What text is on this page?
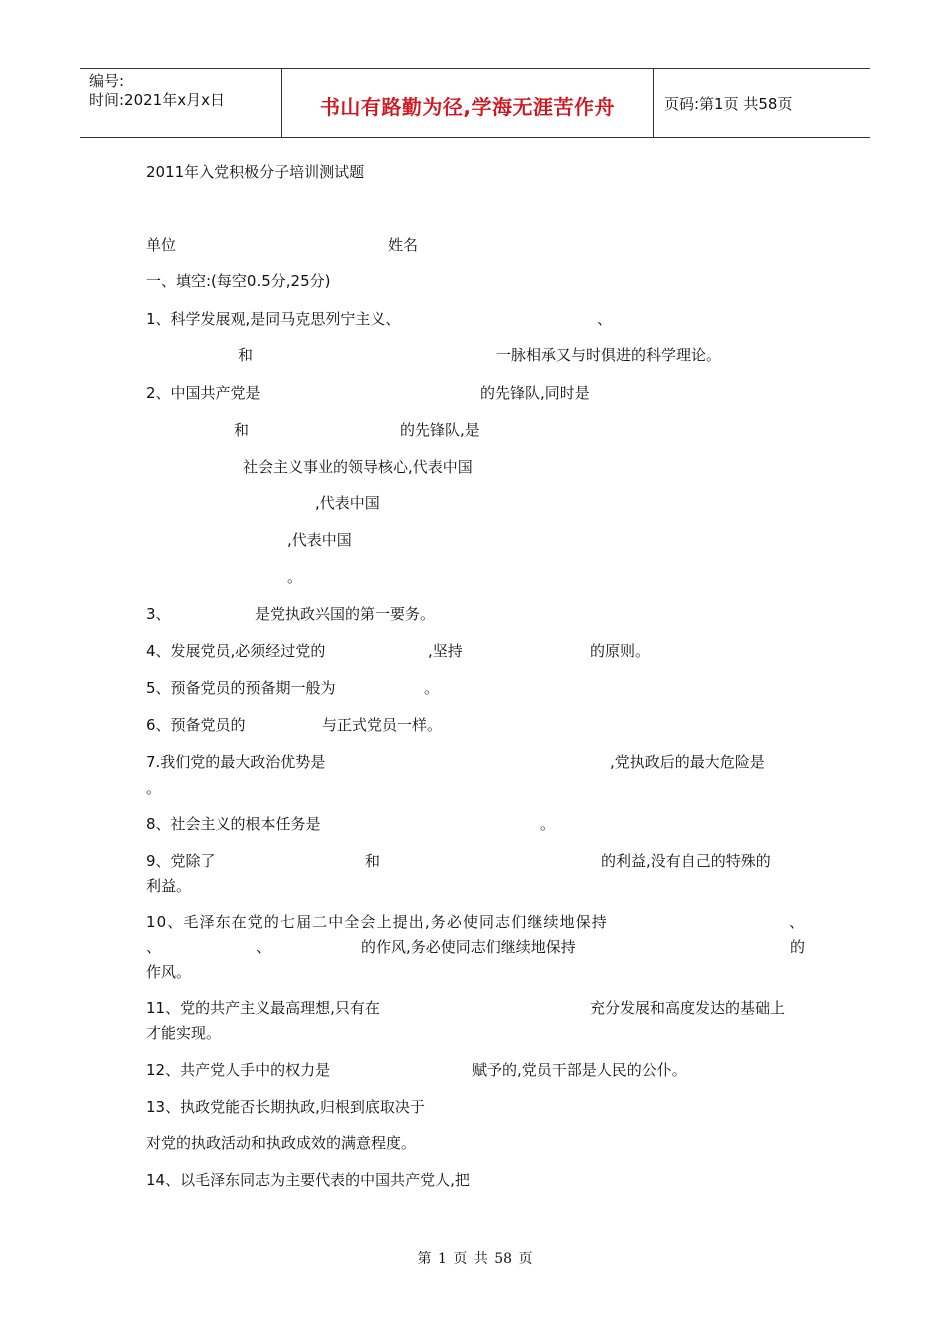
编号:
时间:2021年x月x日	书山有路勤为径,学海无涯苦作舟	页码:第1页 共58页
2011年入党积极分子培训测试题
单位	姓名
一、填空:(每空0.5分,25分)
1、科学发展观,是同马克思列宁主义、	、
和	一脉相承又与时俱进的科学理论。
2、中国共产党是	的先锋队,同时是
和	的先锋队,是
社会主义事业的领导核心,代表中国
,代表中国
,代表中国
。
3、	是党执政兴国的第一要务。
4、发展党员,必须经过党的	,坚持	的原则。
5、预备党员的预备期一般为	。
6、预备党员的	与正式党员一样。
7.我们党的最大政治优势是	,党执政后的最大危险是
。
8、社会主义的根本任务是	。
9、党除了	和	的利益,没有自己的特殊的
利益。
10、毛泽东在党的七届二中全会上提出,务必使同志们继续地保持	、
、	、	的作风,务必使同志们继续地保持	的
作风。
11、党的共产主义最高理想,只有在	充分发展和高度发达的基础上
才能实现。
12、共产党人手中的权力是	赋予的,党员干部是人民的公仆。
13、执政党能否长期执政,归根到底取决于
对党的执政活动和执政成效的满意程度。
14、以毛泽东同志为主要代表的中国共产党人,把
第 1 页 共 58 页
